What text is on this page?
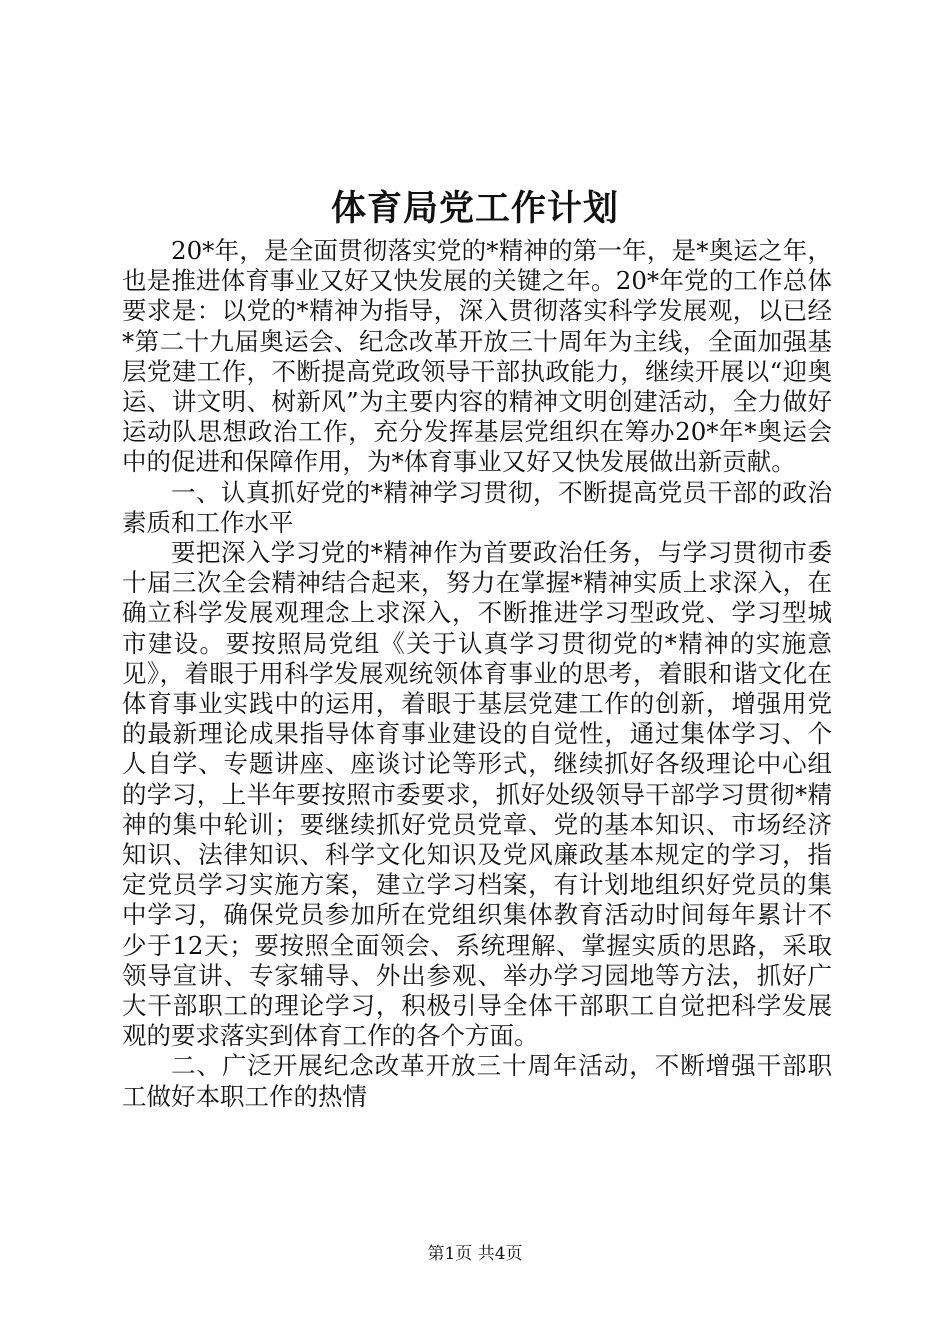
体育局党工作计划

20*年，是全面贯彻落实党的*精神的第一年，是*奥运之年，也是推进体育事业又好又快发展的关键之年。20*年党的工作总体要求是：以党的*精神为指导，深入贯彻落实科学发展观，以已经*第二十九届奥运会、纪念改革开放三十周年为主线，全面加强基层党建工作，不断提高党政领导干部执政能力，继续开展以“迎奥运、讲文明、树新风”为主要内容的精神文明创建活动，全力做好运动队思想政治工作，充分发挥基层党组织在筹办20*年*奥运会中的促进和保障作用，为*体育事业又好又快发展做出新贡献。

一、认真抓好党的*精神学习贯彻，不断提高党员干部的政治素质和工作水平

要把深入学习党的*精神作为首要政治任务，与学习贯彻市委十届三次全会精神结合起来，努力在掌握*精神实质上求深入，在确立科学发展观理念上求深入，不断推进学习型政党、学习型城市建设。要按照局党组《关于认真学习贯彻党的*精神的实施意见》，着眼于用科学发展观统领体育事业的思考，着眼和谐文化在体育事业实践中的运用，着眼于基层党建工作的创新，增强用党的最新理论成果指导体育事业建设的自觉性，通过集体学习、个人自学、专题讲座、座谈讨论等形式，继续抓好各级理论中心组的学习，上半年要按照市委要求，抓好处级领导干部学习贯彻*精神的集中轮训；要继续抓好党员党章、党的基本知识、市场经济知识、法律知识、科学文化知识及党风廉政基本规定的学习，指定党员学习实施方案，建立学习档案，有计划地组织好党员的集中学习，确保党员参加所在党组织集体教育活动时间每年累计不少于12天；要按照全面领会、系统理解、掌握实质的思路，采取领导宣讲、专家辅导、外出参观、举办学习园地等方法，抓好广大干部职工的理论学习，积极引导全体干部职工自觉把科学发展观的要求落实到体育工作的各个方面。

二、广泛开展纪念改革开放三十周年活动，不断增强干部职工做好本职工作的热情

第1页 共4页
